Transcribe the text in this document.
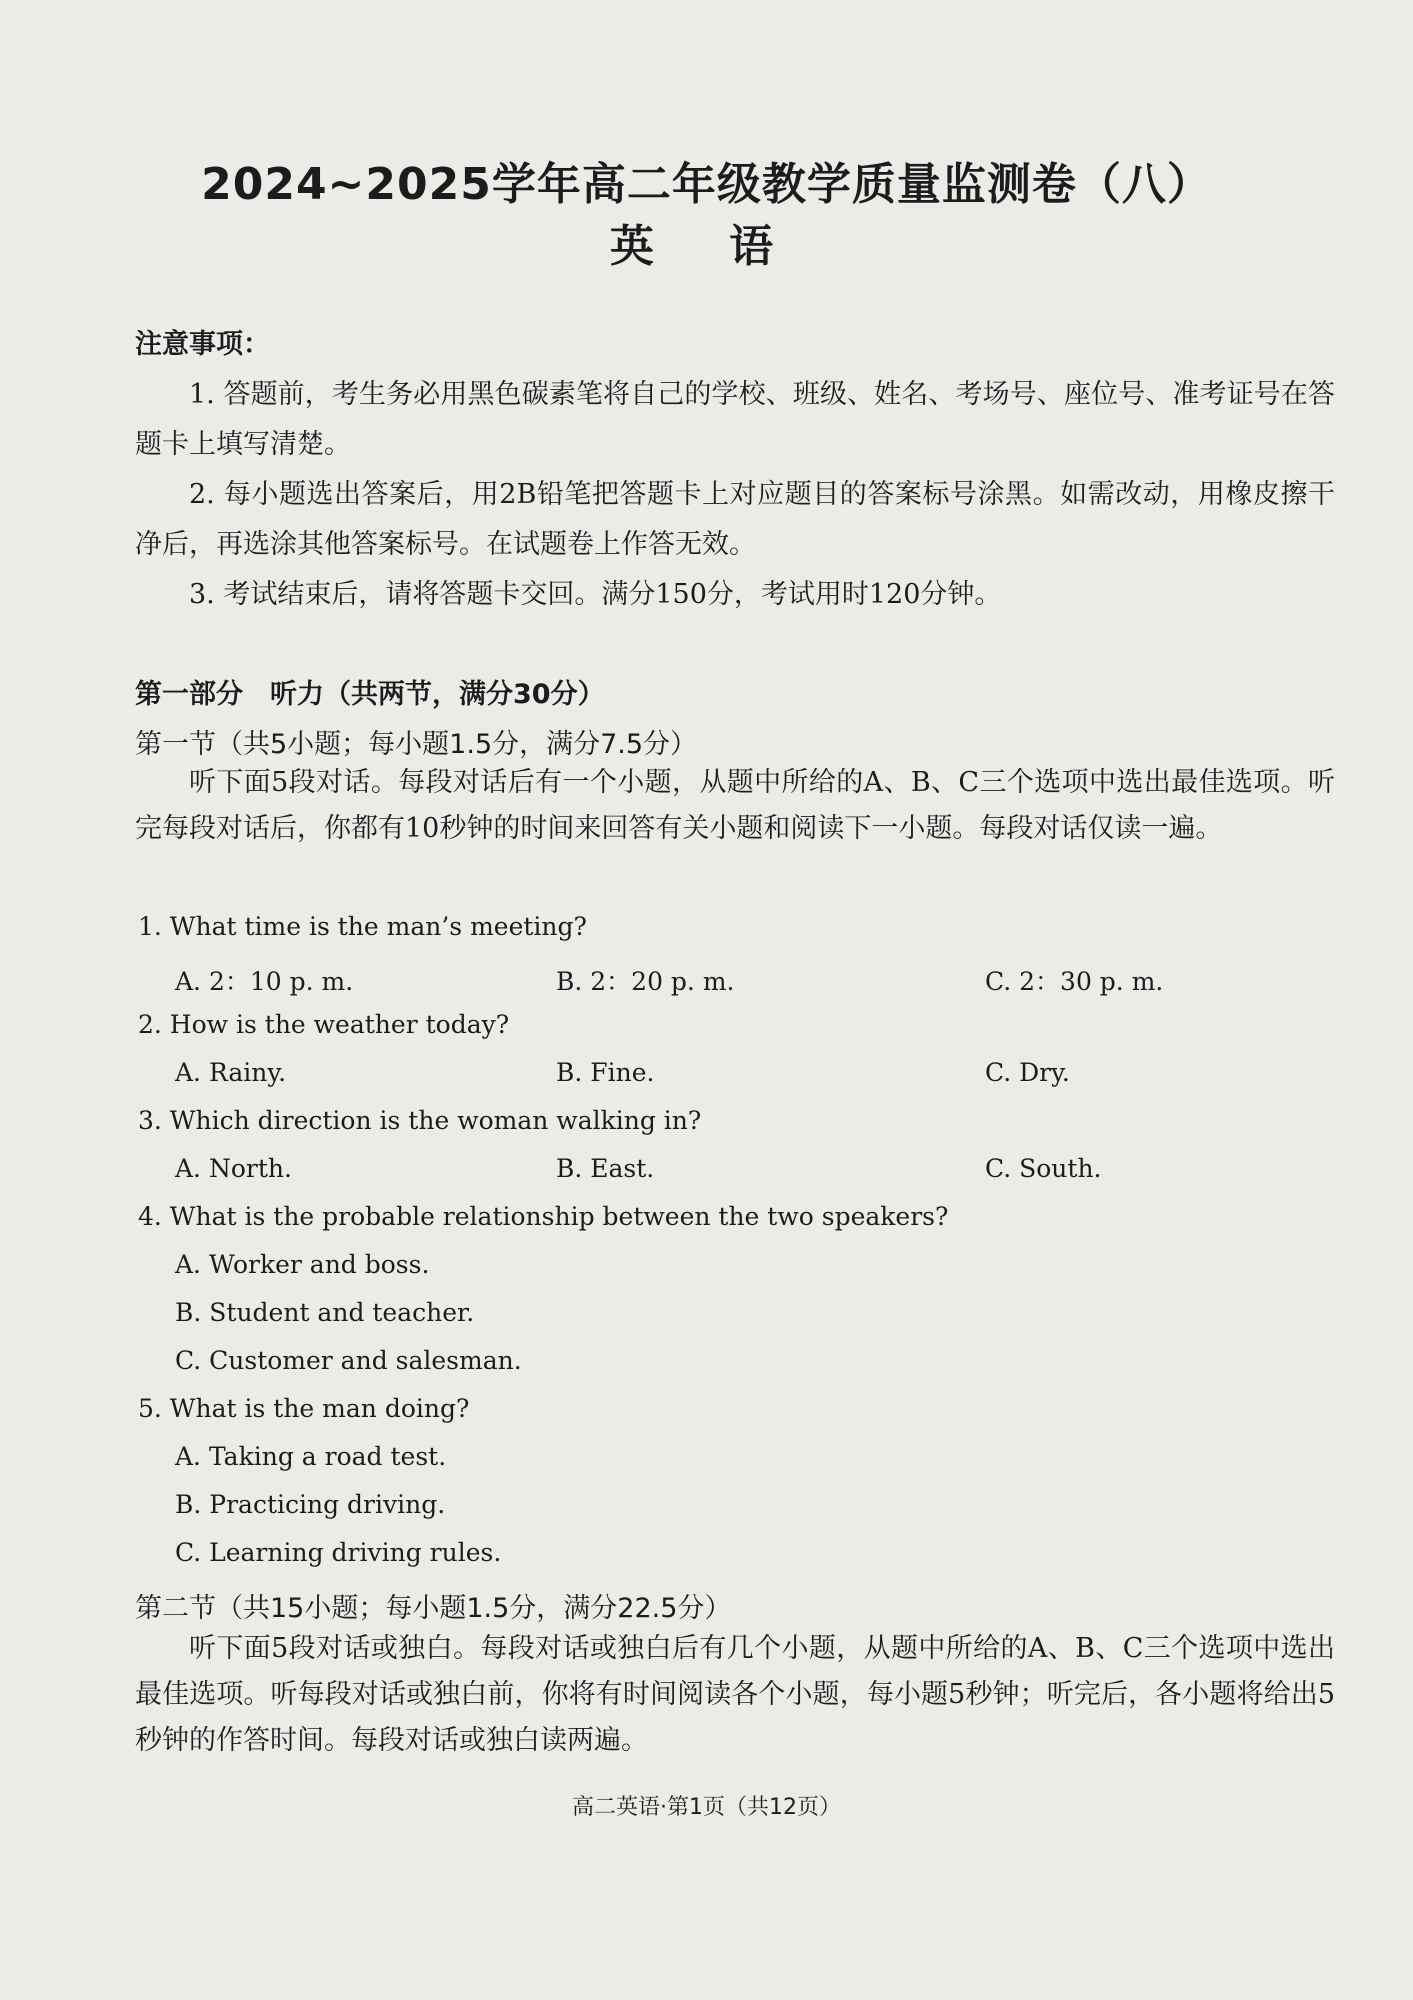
2024~2025学年高二年级教学质量监测卷（八）
英 语
注意事项：
1. 答题前，考生务必用黑色碳素笔将自己的学校、班级、姓名、考场号、座位号、准考证号在答题卡上填写清楚。
2. 每小题选出答案后，用2B铅笔把答题卡上对应题目的答案标号涂黑。如需改动，用橡皮擦干净后，再选涂其他答案标号。在试题卷上作答无效。
3. 考试结束后，请将答题卡交回。满分150分，考试用时120分钟。
第一部分　听力（共两节，满分30分）
第一节（共5小题；每小题1.5分，满分7.5分）
听下面5段对话。每段对话后有一个小题，从题中所给的A、B、C三个选项中选出最佳选项。听完每段对话后，你都有10秒钟的时间来回答有关小题和阅读下一小题。每段对话仅读一遍。
1. What time is the man’s meeting?
A. 2：10 p. m.	B. 2：20 p. m.	C. 2：30 p. m.
2. How is the weather today?
A. Rainy.	B. Fine.	C. Dry.
3. Which direction is the woman walking in?
A. North.	B. East.	C. South.
4. What is the probable relationship between the two speakers?
A. Worker and boss.
B. Student and teacher.
C. Customer and salesman.
5. What is the man doing?
A. Taking a road test.
B. Practicing driving.
C. Learning driving rules.
第二节（共15小题；每小题1.5分，满分22.5分）
听下面5段对话或独白。每段对话或独白后有几个小题，从题中所给的A、B、C三个选项中选出最佳选项。听每段对话或独白前，你将有时间阅读各个小题，每小题5秒钟；听完后，各小题将给出5秒钟的作答时间。每段对话或独白读两遍。
高二英语·第1页（共12页）
